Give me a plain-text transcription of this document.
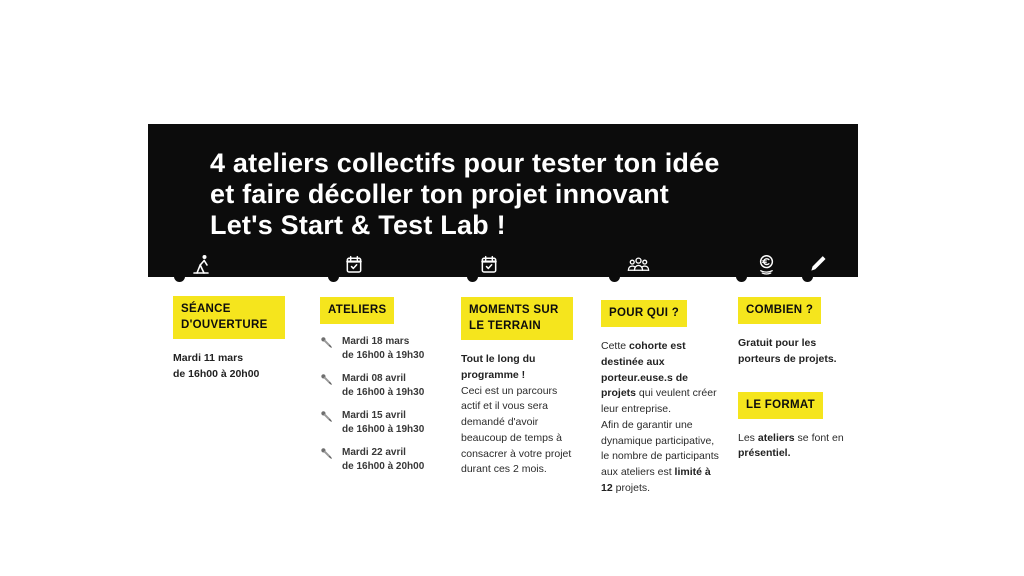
4 ateliers collectifs pour tester ton idée
et faire décoller ton projet innovant
Let's Start & Test Lab !
SÉANCE D'OUVERTURE
Mardi 11 mars
de 16h00 à 20h00
ATELIERS
Mardi 18 mars
de 16h00 à 19h30
Mardi 08 avril
de 16h00 à 19h30
Mardi 15 avril
de 16h00 à 19h30
Mardi 22 avril
de 16h00 à 20h00
MOMENTS SUR LE TERRAIN
Tout le long du programme !
Ceci est un parcours actif et il vous sera demandé d'avoir beaucoup de temps à consacrer à votre projet durant ces 2 mois.
POUR QUI ?
Cette cohorte est destinée aux porteur.euse.s de projets qui veulent créer leur entreprise.
Afin de garantir une dynamique participative, le nombre de participants aux ateliers est limité à 12 projets.
COMBIEN ?
Gratuit pour les porteurs de projets.
LE FORMAT
Les ateliers se font en présentiel.
